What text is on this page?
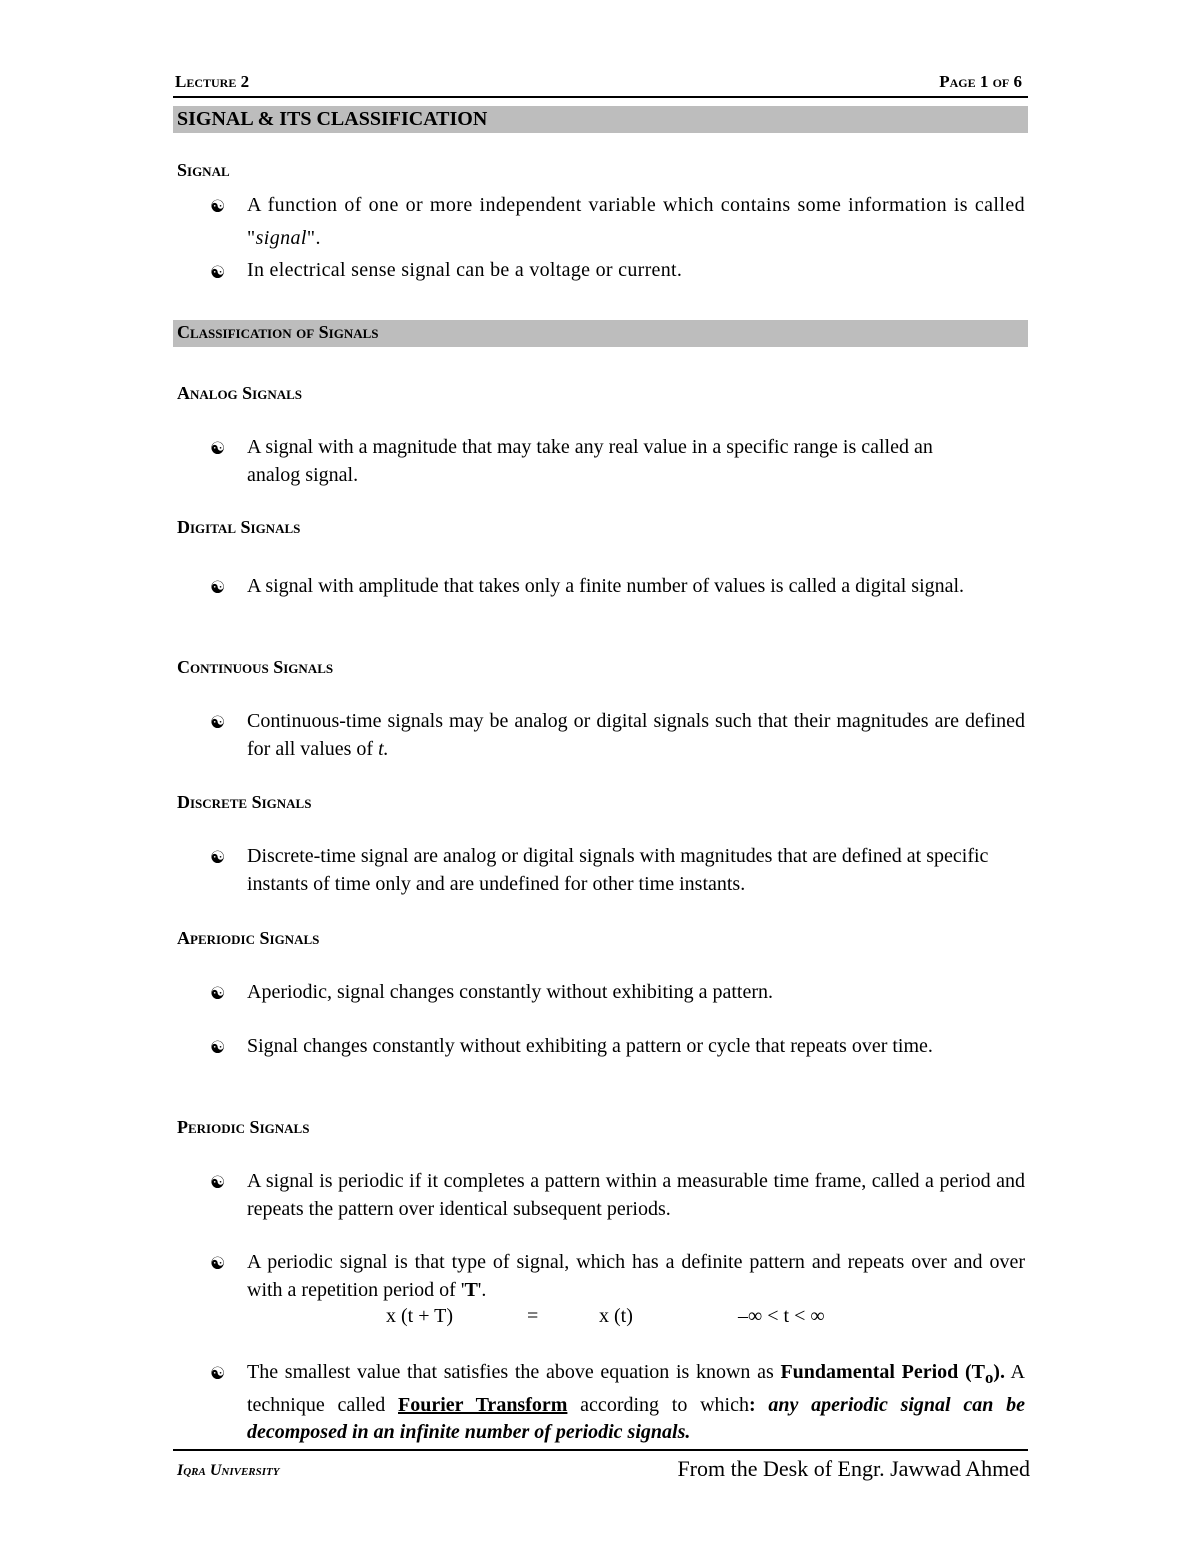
Lecture 2	Page 1 of 6
SIGNAL & ITS CLASSIFICATION
Signal
☯	A function of one or more independent variable which contains some information is called "signal".
☯	In electrical sense signal can be a voltage or current.
Classification of Signals
Analog Signals
☯	A signal with a magnitude that may take any real value in a specific range is called an analog signal.
Digital Signals
☯	A signal with amplitude that takes only a finite number of values is called a digital signal.
Continuous Signals
☯	Continuous-time signals may be analog or digital signals such that their magnitudes are defined for all values of t.
Discrete Signals
☯	Discrete-time signal are analog or digital signals with magnitudes that are defined at specific instants of time only and are undefined for other time instants.
Aperiodic Signals
☯	Aperiodic, signal changes constantly without exhibiting a pattern.
☯	Signal changes constantly without exhibiting a pattern or cycle that repeats over time.
Periodic Signals
☯	A signal is periodic if it completes a pattern within a measurable time frame, called a period and repeats the pattern over identical subsequent periods.
☯	A periodic signal is that type of signal, which has a definite pattern and repeats over and over with a repetition period of 'T'.
x (t + T)	=	x (t)	–∞ < t < ∞
☯	The smallest value that satisfies the above equation is known as Fundamental Period $(T_o)$. A technique called Fourier Transform according to which: any aperiodic signal can be decomposed in an infinite number of periodic signals.
Iqra University	From the Desk of Engr. Jawwad Ahmed
